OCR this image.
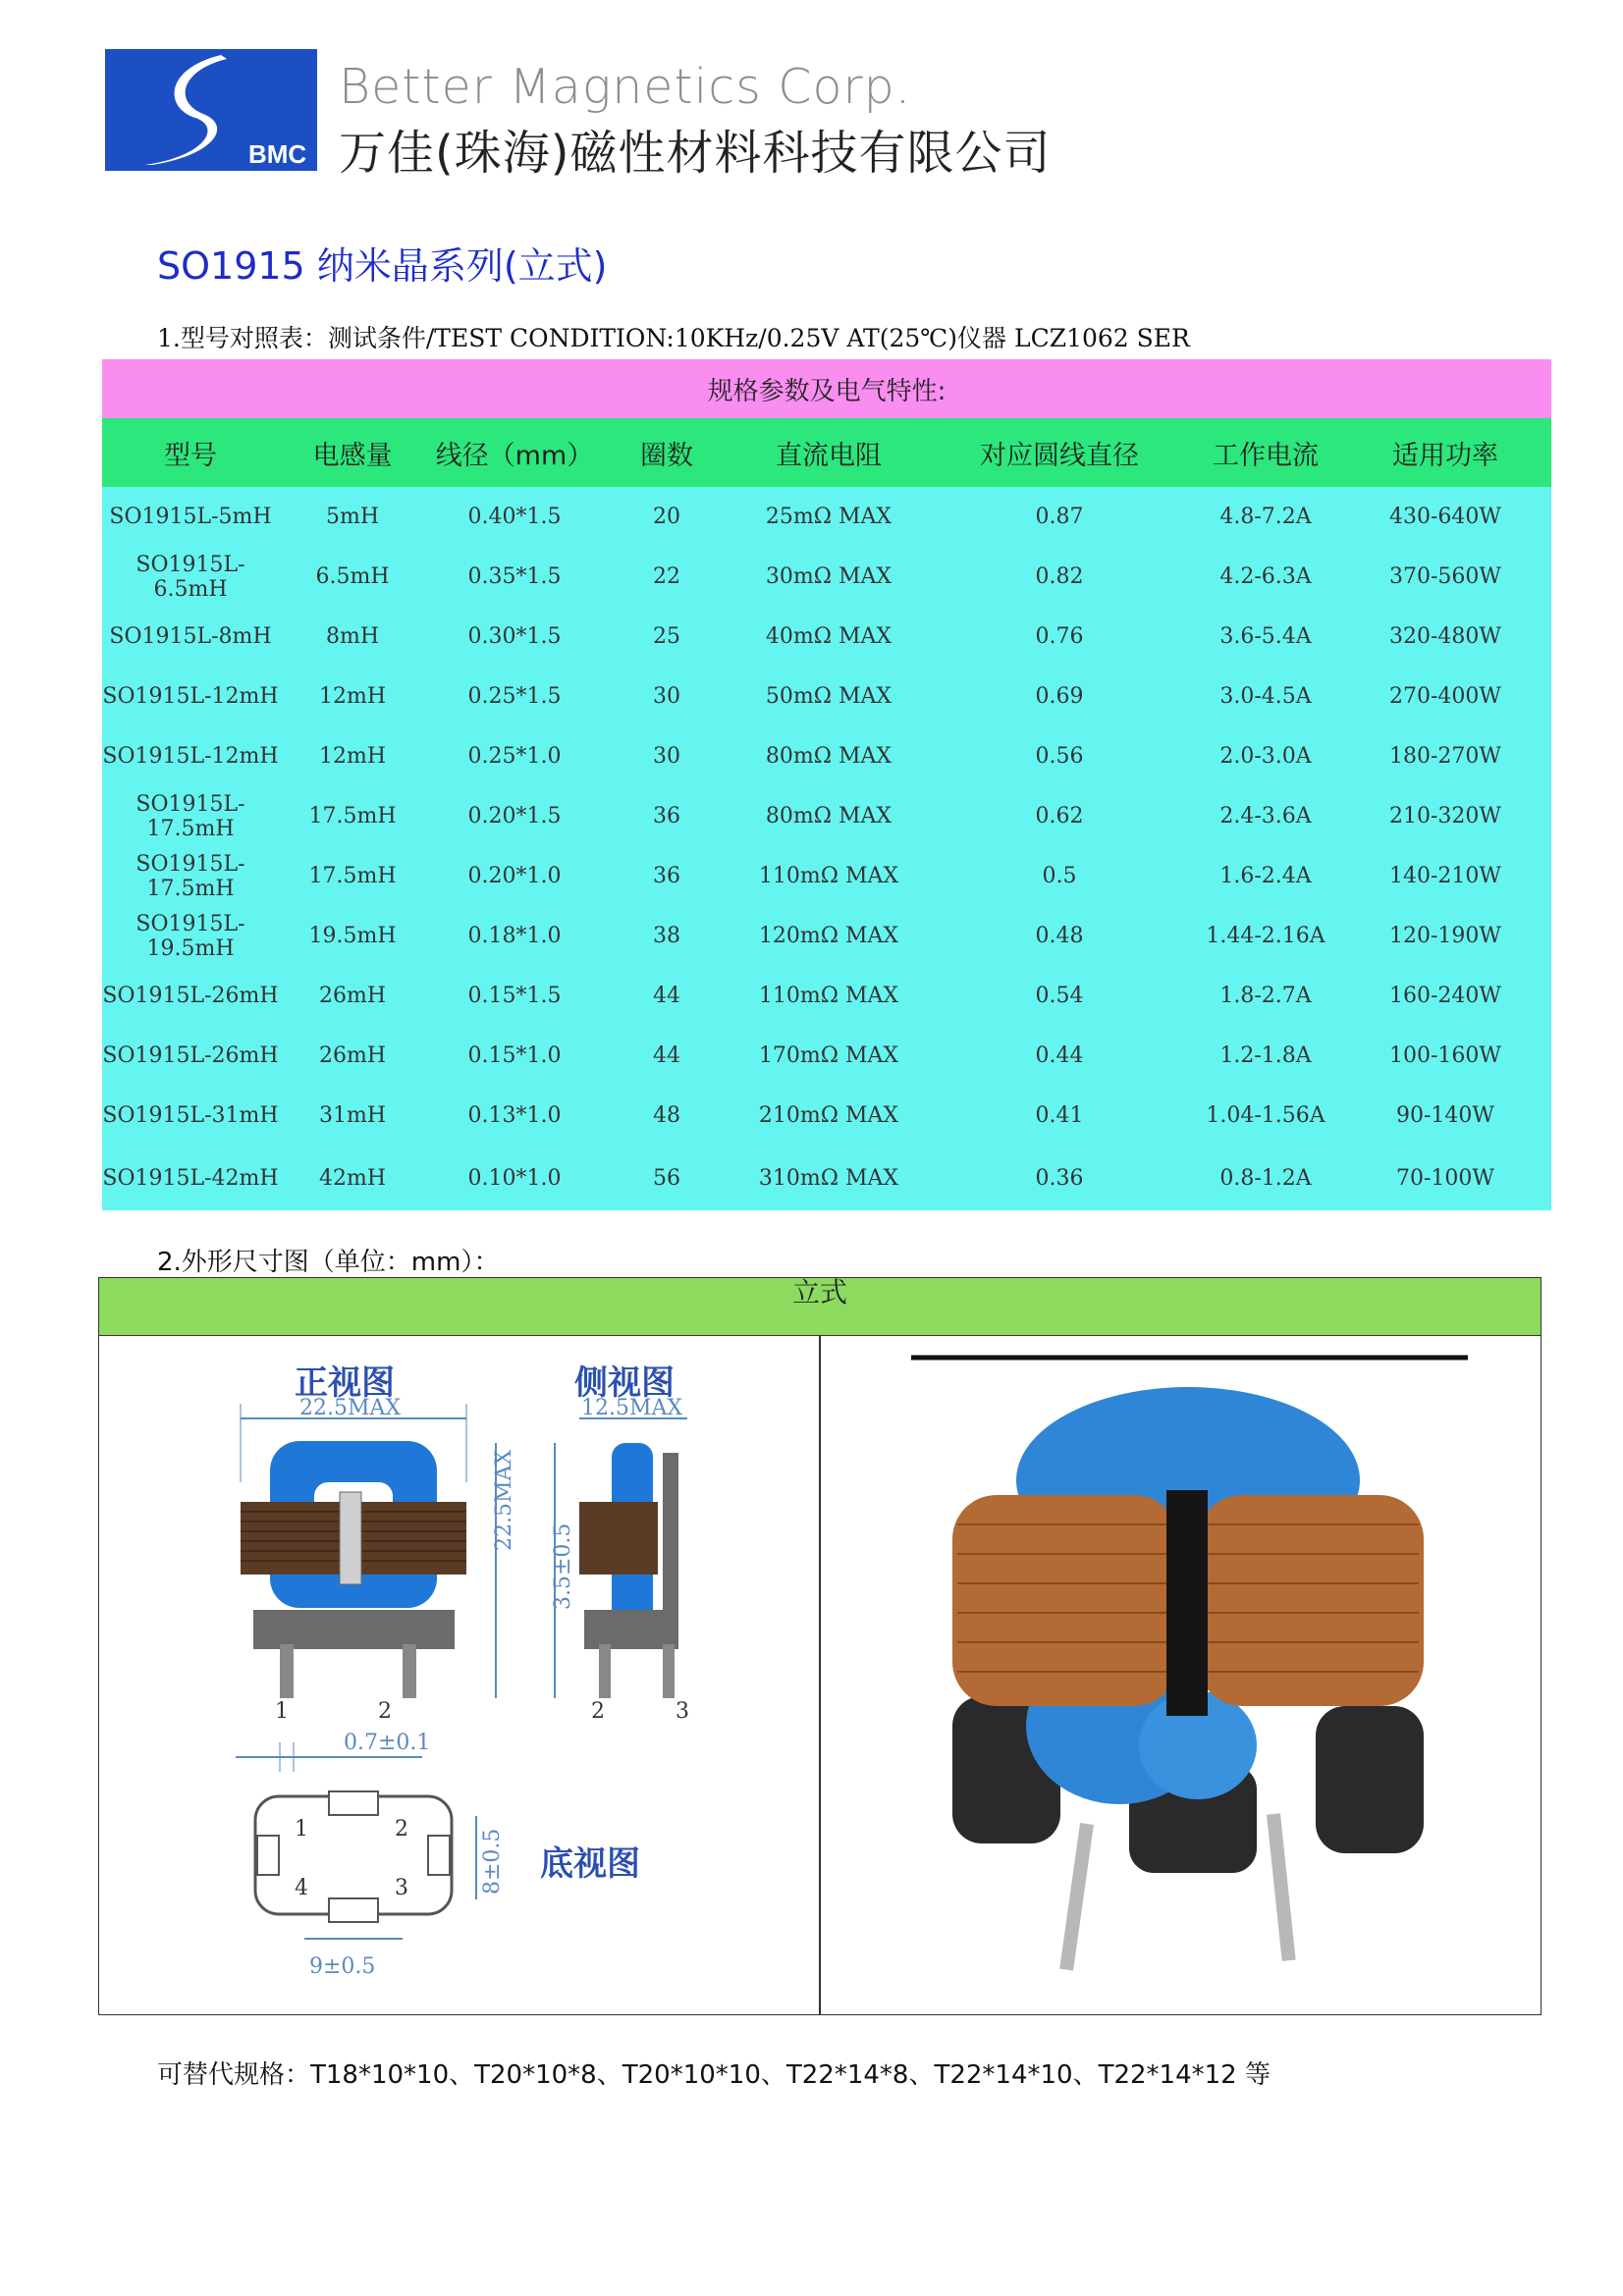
BMC
Better Magnetics Corp.
万佳(珠海)磁性材料科技有限公司
SO1915 纳米晶系列(立式)
1.型号对照表：测试条件/TEST CONDITION:10KHz/0.25V AT(25℃)仪器 LCZ1062 SER
规格参数及电气特性:							
型号	电感量	线径（mm）	圈数	直流电阻	对应圆线直径	工作电流	适用功率
SO1915L-5mH	5mH	0.40*1.5	20	25mΩ MAX	0.87	4.8-7.2A	430-640W
SO1915L-6.5mH	6.5mH	0.35*1.5	22	30mΩ MAX	0.82	4.2-6.3A	370-560W
SO1915L-8mH	8mH	0.30*1.5	25	40mΩ MAX	0.76	3.6-5.4A	320-480W
SO1915L-12mH	12mH	0.25*1.5	30	50mΩ MAX	0.69	3.0-4.5A	270-400W
SO1915L-12mH	12mH	0.25*1.0	30	80mΩ MAX	0.56	2.0-3.0A	180-270W
SO1915L-17.5mH	17.5mH	0.20*1.5	36	80mΩ MAX	0.62	2.4-3.6A	210-320W
SO1915L-17.5mH	17.5mH	0.20*1.0	36	110mΩ MAX	0.5	1.6-2.4A	140-210W
SO1915L-19.5mH	19.5mH	0.18*1.0	38	120mΩ MAX	0.48	1.44-2.16A	120-190W
SO1915L-26mH	26mH	0.15*1.5	44	110mΩ MAX	0.54	1.8-2.7A	160-240W
SO1915L-26mH	26mH	0.15*1.0	44	170mΩ MAX	0.44	1.2-1.8A	100-160W
SO1915L-31mH	31mH	0.13*1.0	48	210mΩ MAX	0.41	1.04-1.56A	90-140W
SO1915L-42mH	42mH	0.10*1.0	56	310mΩ MAX	0.36	0.8-1.2A	70-100W
2.外形尺寸图（单位：mm）：
立式
正视图	侧视图
22.5MAX
1	2
0.7±0.1
22.5MAX
3.5±0.5
12.5MAX
2	3
1	2
4	3	8±0.5 底视图
9±0.5
可替代规格：T18*10*10、T20*10*8、T20*10*10、T22*14*8、T22*14*10、T22*14*12 等
